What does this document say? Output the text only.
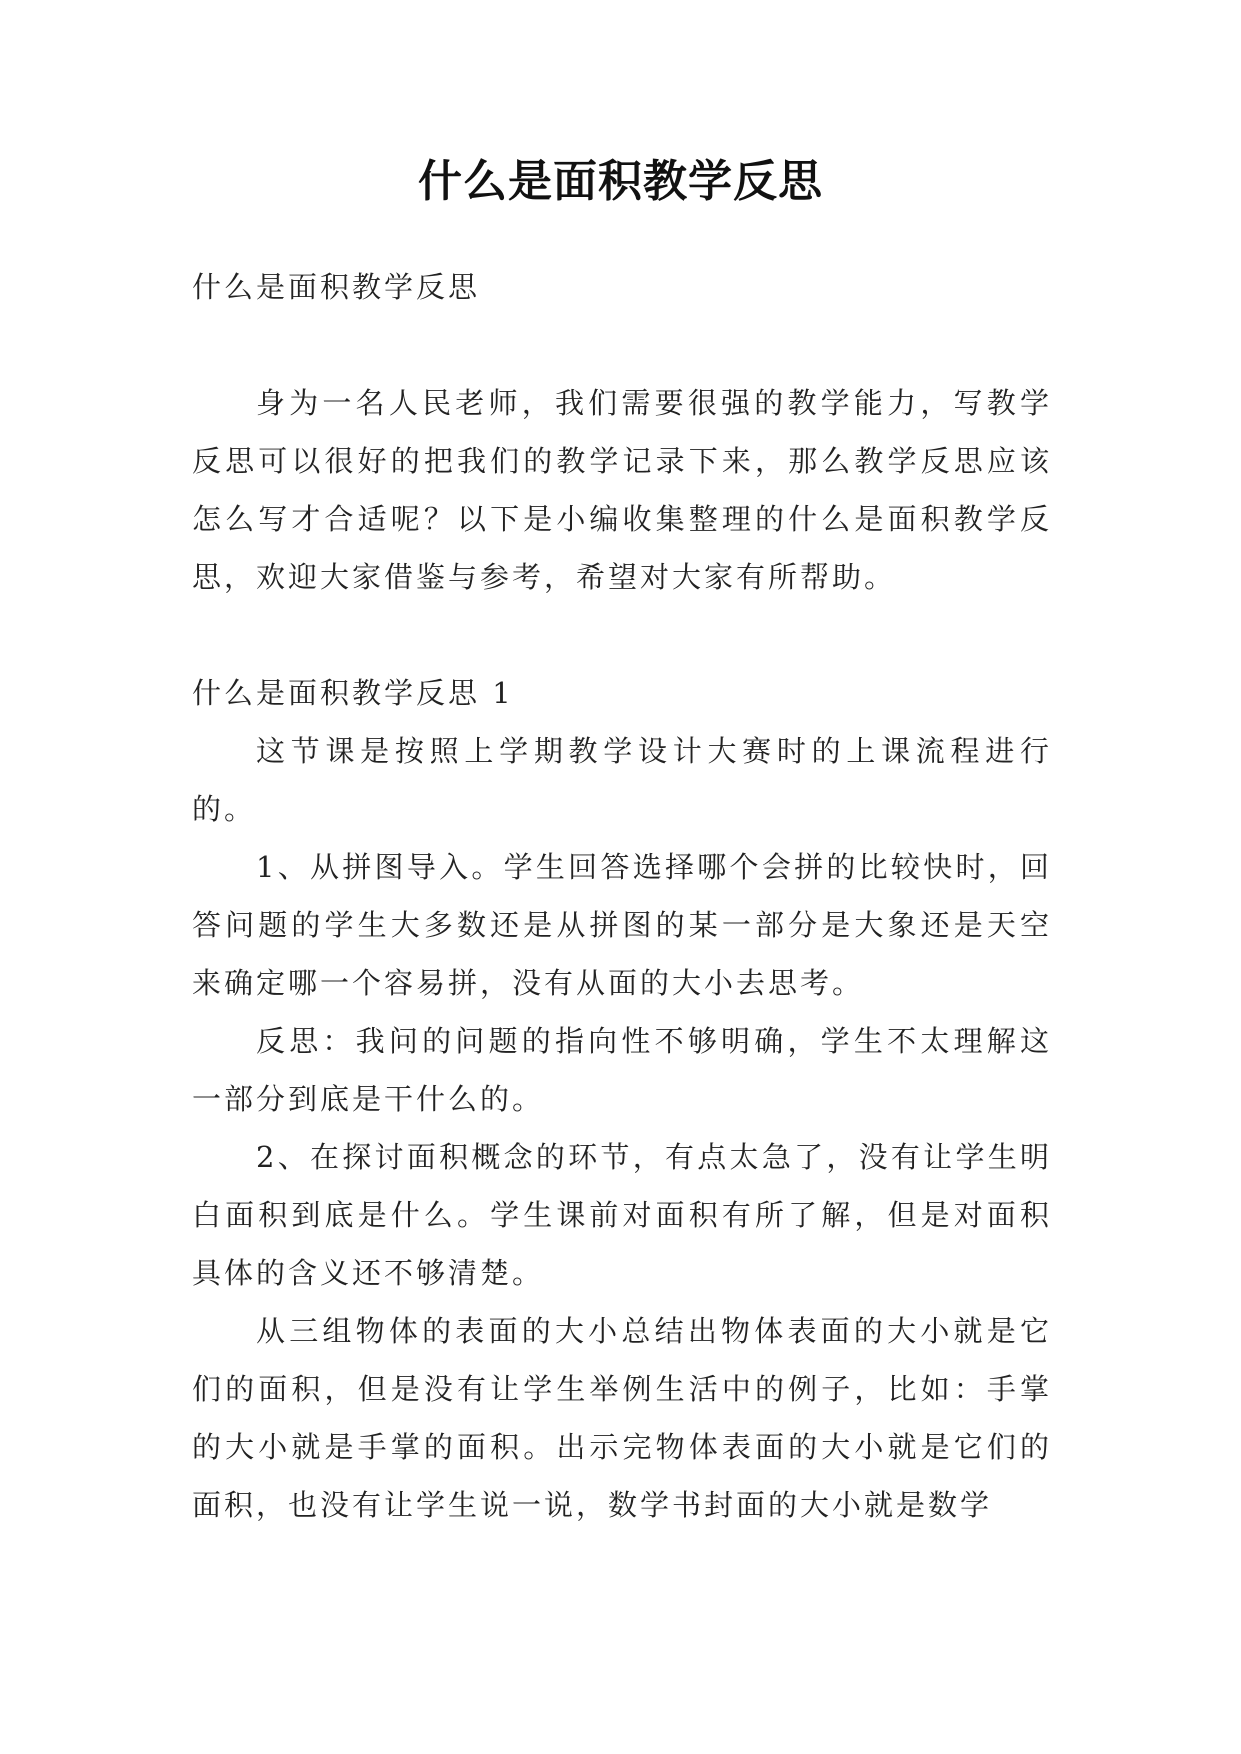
什么是面积教学反思

什么是面积教学反思

身为一名人民老师，我们需要很强的教学能力，写教学反思可以很好的把我们的教学记录下来，那么教学反思应该怎么写才合适呢？以下是小编收集整理的什么是面积教学反思，欢迎大家借鉴与参考，希望对大家有所帮助。

什么是面积教学反思 1

这节课是按照上学期教学设计大赛时的上课流程进行的。

1、从拼图导入。学生回答选择哪个会拼的比较快时，回答问题的学生大多数还是从拼图的某一部分是大象还是天空来确定哪一个容易拼，没有从面的大小去思考。

反思：我问的问题的指向性不够明确，学生不太理解这一部分到底是干什么的。

2、在探讨面积概念的环节，有点太急了，没有让学生明白面积到底是什么。学生课前对面积有所了解，但是对面积具体的含义还不够清楚。

从三组物体的表面的大小总结出物体表面的大小就是它们的面积，但是没有让学生举例生活中的例子，比如：手掌的大小就是手掌的面积。出示完物体表面的大小就是它们的面积，也没有让学生说一说，数学书封面的大小就是数学
